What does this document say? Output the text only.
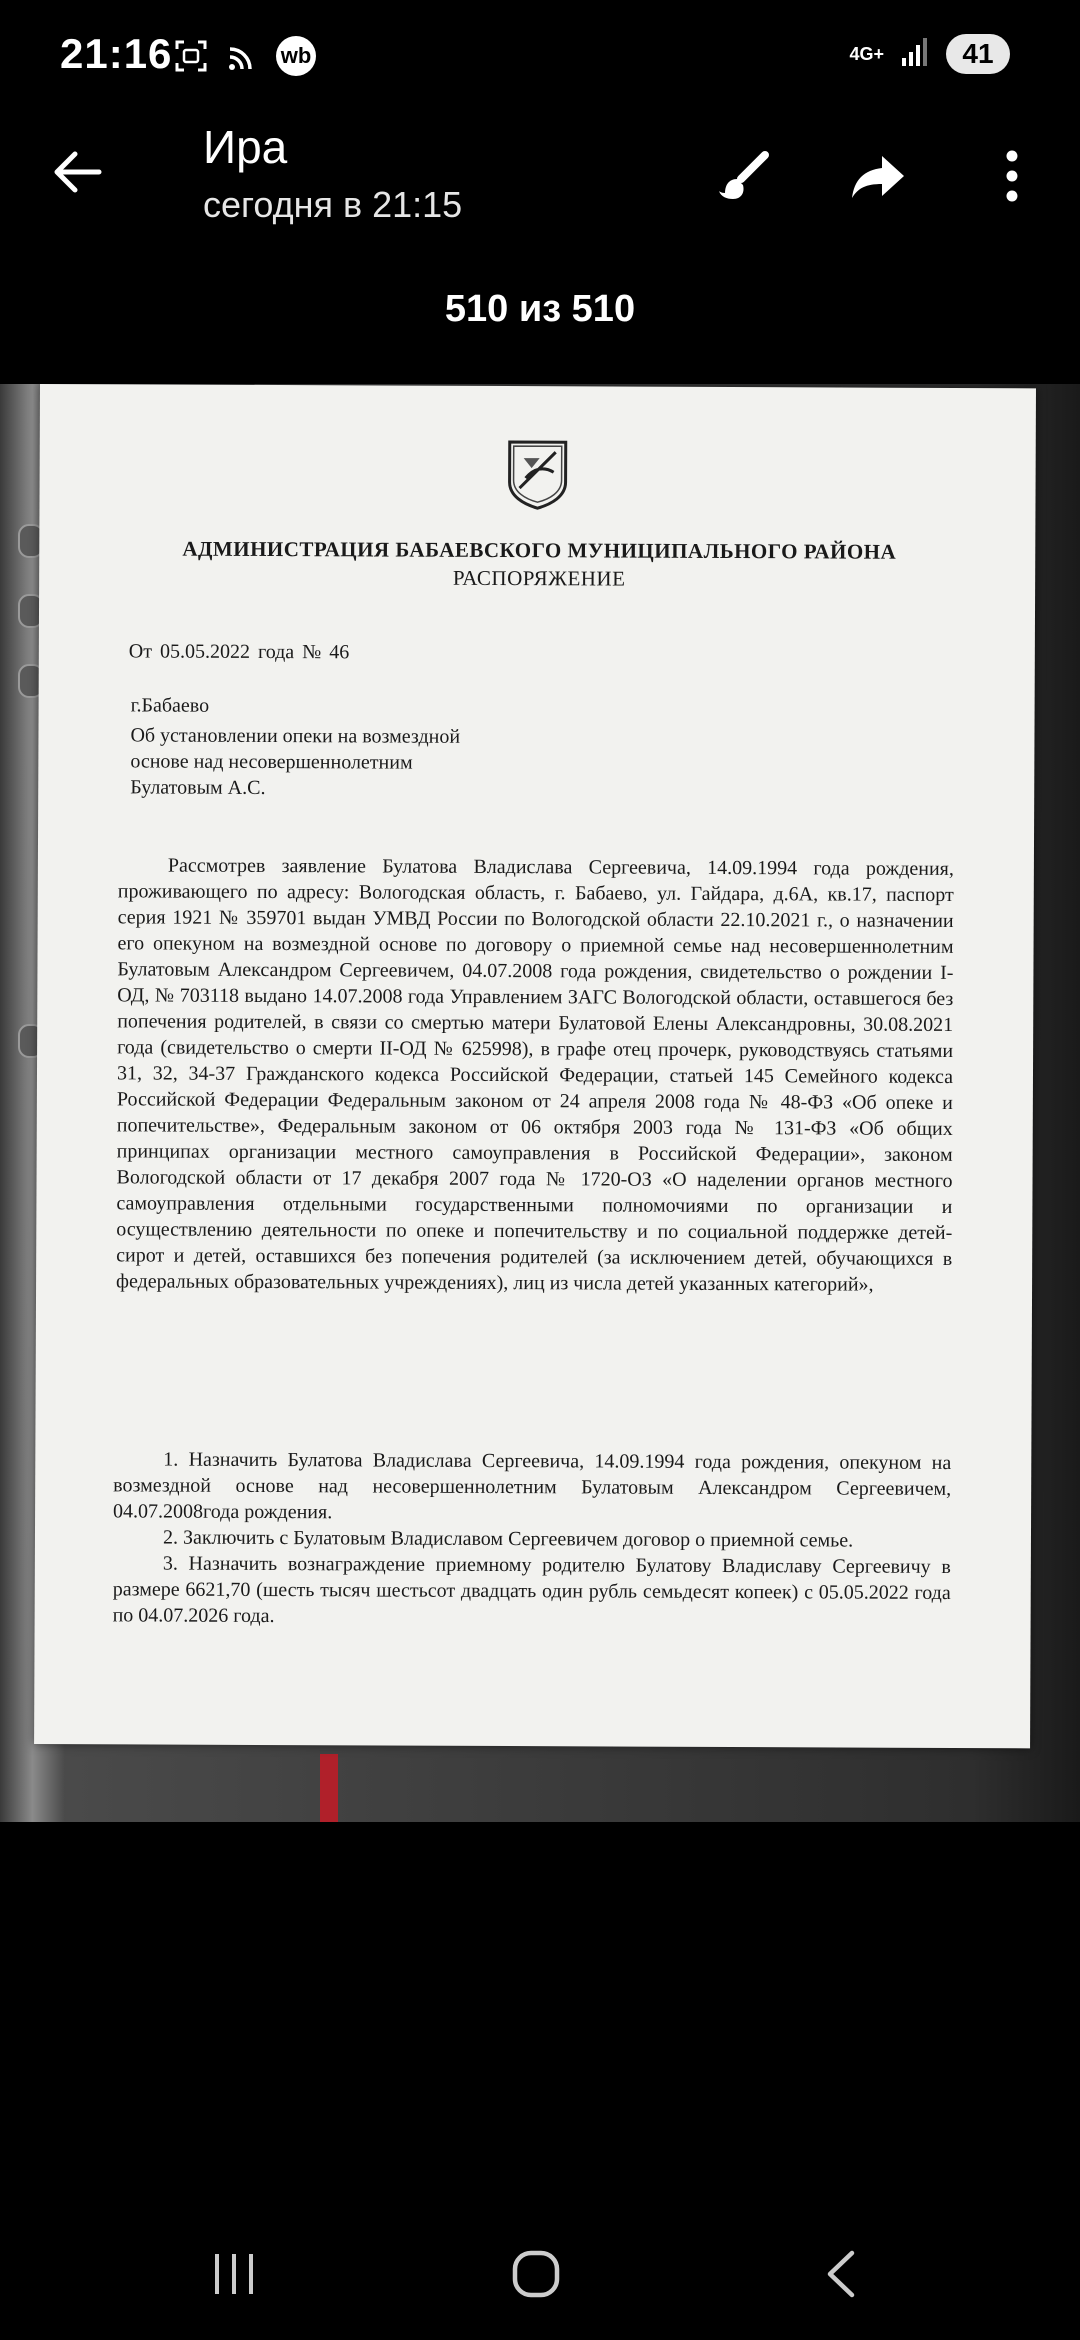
21:16	wb	4G+	41
Ира
сегодня в 21:15
510 из 510
АДМИНИСТРАЦИЯ БАБАЕВСКОГО МУНИЦИПАЛЬНОГО РАЙОНА
РАСПОРЯЖЕНИЕ
От 05.05.2022 года № 46
г.Бабаево
Об установлении опеки на возмездной
основе над несовершеннолетним
Булатовым А.С.

Рассмотрев заявление Булатова Владислава Сергеевича, 14.09.1994 года рождения, проживающего по адресу: Вологодская область, г. Бабаево, ул. Гайдара, д.6А, кв.17, паспорт серия 1921 № 359701 выдан УМВД России по Вологодской области 22.10.2021 г., о назначении его опекуном на возмездной основе по договору о приемной семье над несовершеннолетним Булатовым Александром Сергеевичем, 04.07.2008 года рождения, свидетельство о рождении I-ОД, № 703118 выдано 14.07.2008 года Управлением ЗАГС Вологодской области, оставшегося без попечения родителей, в связи со смертью матери Булатовой Елены Александровны, 30.08.2021 года (свидетельство о смерти II-ОД № 625998), в графе отец прочерк, руководствуясь статьями 31, 32, 34-37 Гражданского кодекса Российской Федерации, статьей 145 Семейного кодекса Российской Федерации Федеральным законом от 24 апреля 2008 года № 48-ФЗ «Об опеке и попечительстве», Федеральным законом от 06 октября 2003 года № 131-ФЗ «Об общих принципах организации местного самоуправления в Российской Федерации», законом Вологодской области от 17 декабря 2007 года № 1720-ОЗ «О наделении органов местного самоуправления отдельными государственными полномочиями по организации и осуществлению деятельности по опеке и попечительству и по социальной поддержке детей-сирот и детей, оставшихся без попечения родителей (за исключением детей, обучающихся в федеральных образовательных учреждениях), лиц из числа детей указанных категорий»,

1. Назначить Булатова Владислава Сергеевича, 14.09.1994 года рождения, опекуном на возмездной основе над несовершеннолетним Булатовым Александром Сергеевичем, 04.07.2008года рождения.

2. Заключить с Булатовым Владиславом Сергеевичем договор о приемной семье.

3. Назначить вознаграждение приемному родителю Булатову Владиславу Сергеевичу в размере 6621,70 (шесть тысяч шестьсот двадцать один рубль семьдесят копеек) с 05.05.2022 года по 04.07.2026 года.
